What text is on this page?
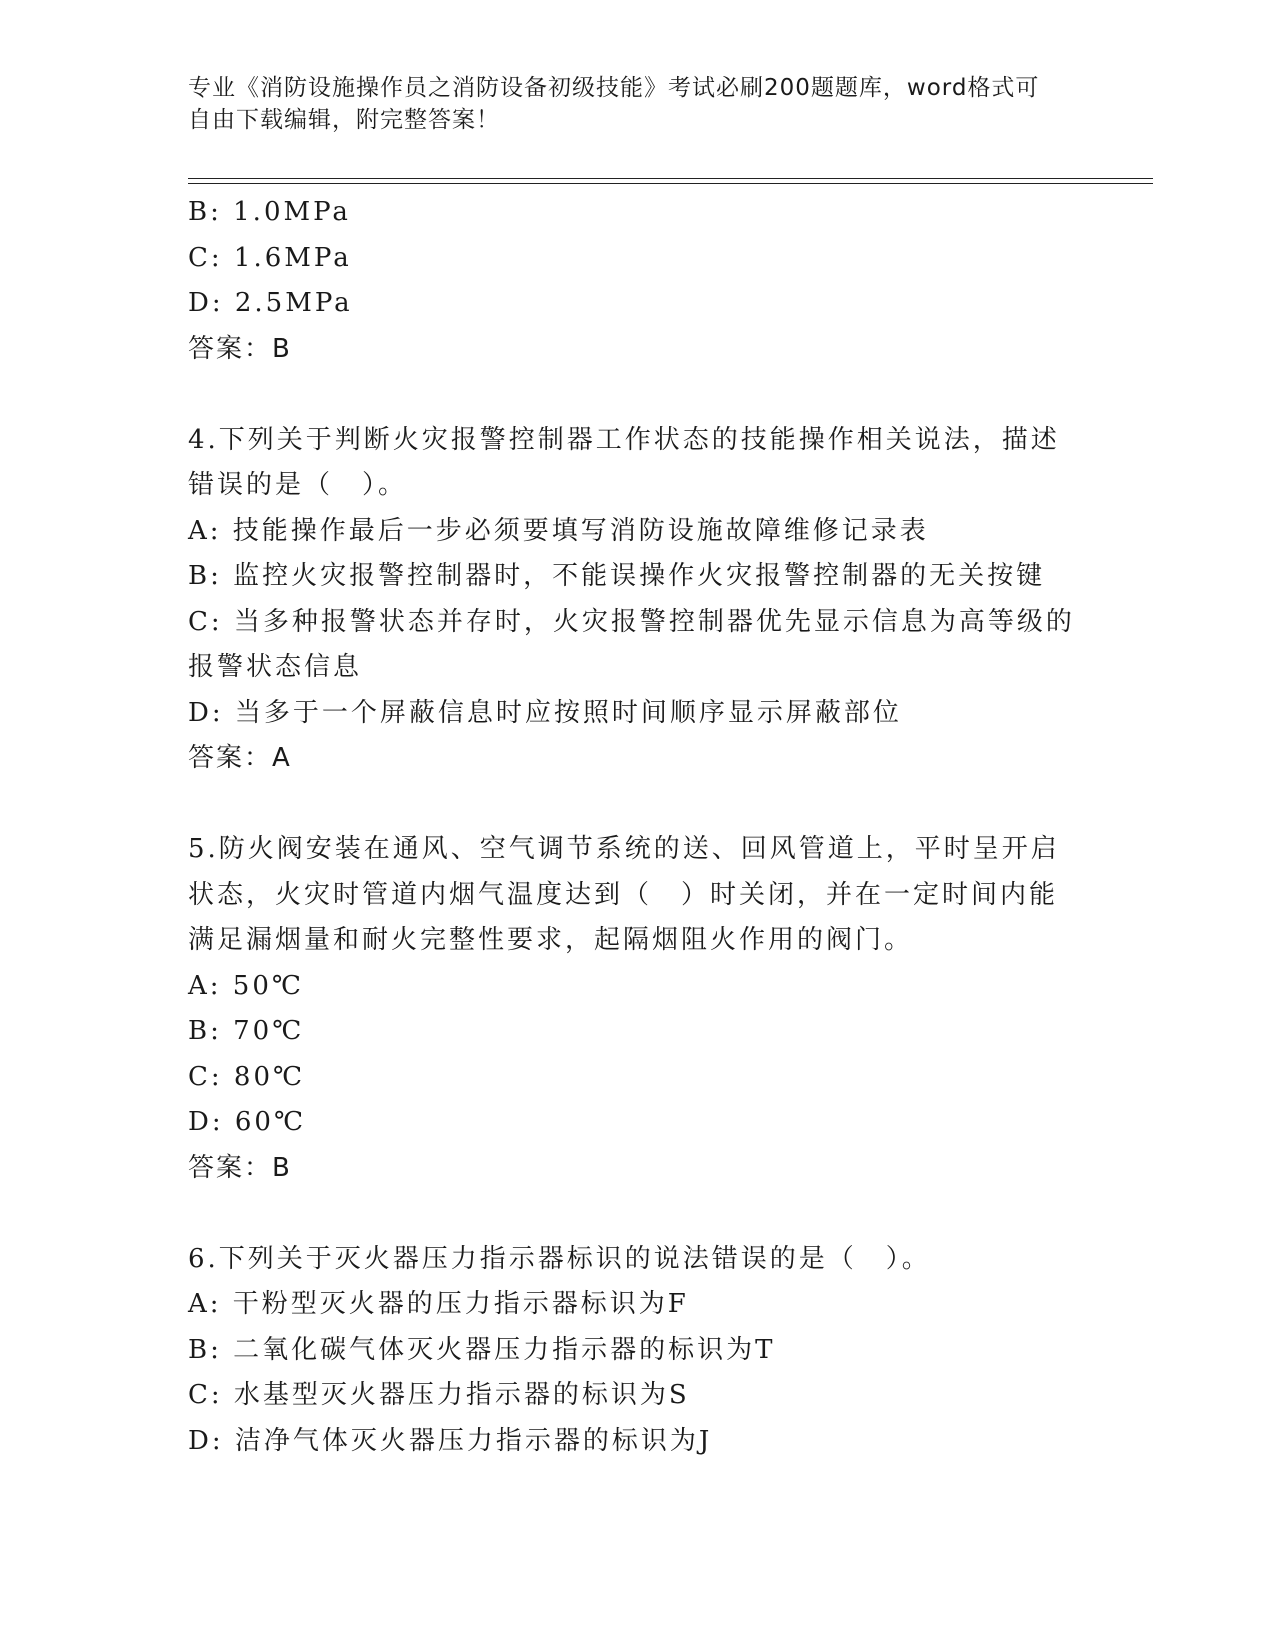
专业《消防设施操作员之消防设备初级技能》考试必刷200题题库，word格式可
自由下载编辑，附完整答案！
B: 1.0MPa
C: 1.6MPa
D: 2.5MPa
答案：B
4.下列关于判断火灾报警控制器工作状态的技能操作相关说法，描述
错误的是（　）。
A: 技能操作最后一步必须要填写消防设施故障维修记录表
B: 监控火灾报警控制器时，不能误操作火灾报警控制器的无关按键
C: 当多种报警状态并存时，火灾报警控制器优先显示信息为高等级的
报警状态信息
D: 当多于一个屏蔽信息时应按照时间顺序显示屏蔽部位
答案：A
5.防火阀安装在通风、空气调节系统的送、回风管道上，平时呈开启
状态，火灾时管道内烟气温度达到（　）时关闭，并在一定时间内能
满足漏烟量和耐火完整性要求，起隔烟阻火作用的阀门。
A: 50℃
B: 70℃
C: 80℃
D: 60℃
答案：B
6.下列关于灭火器压力指示器标识的说法错误的是（　）。
A: 干粉型灭火器的压力指示器标识为F
B: 二氧化碳气体灭火器压力指示器的标识为T
C: 水基型灭火器压力指示器的标识为S
D: 洁净气体灭火器压力指示器的标识为J
